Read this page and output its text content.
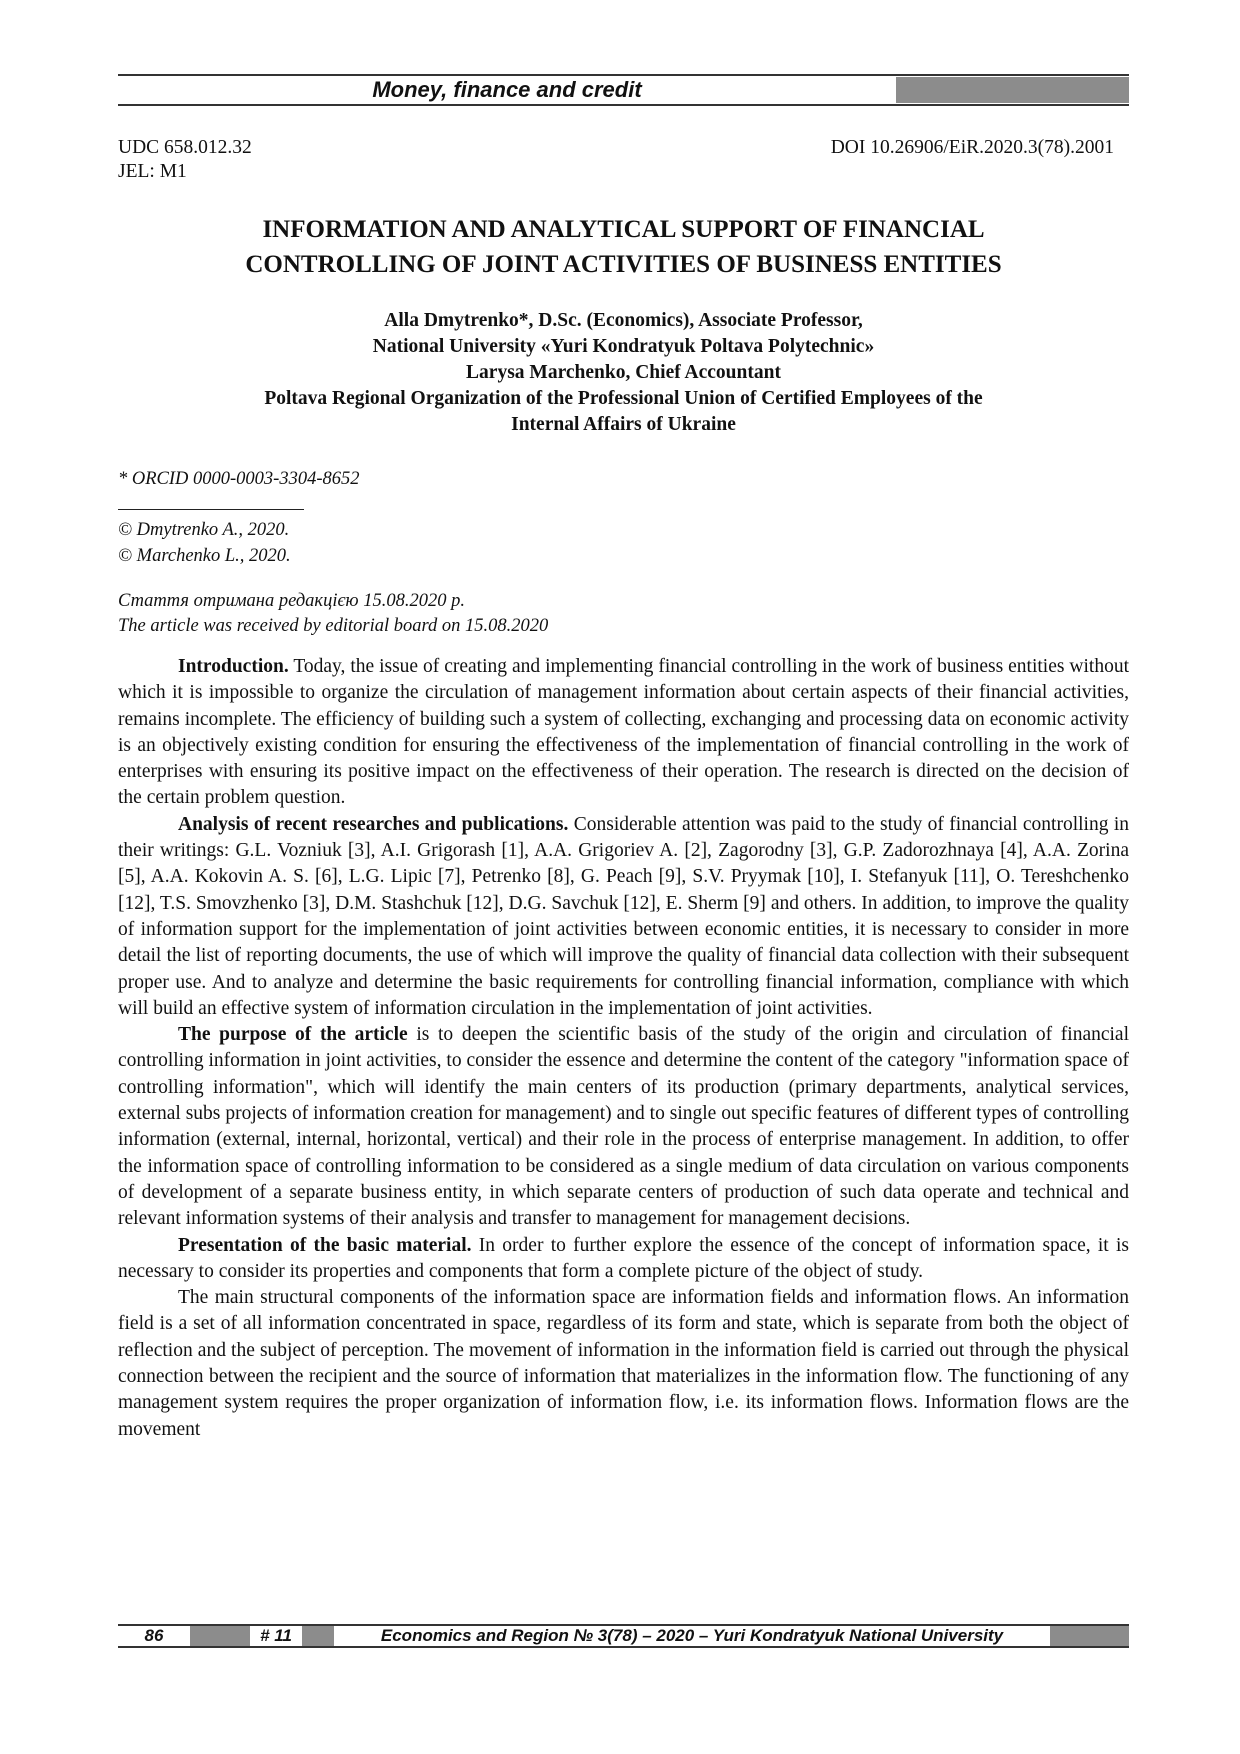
Money, finance and credit
UDC 658.012.32
JEL: M1
DOI 10.26906/EiR.2020.3(78).2001
INFORMATION AND ANALYTICAL SUPPORT OF FINANCIAL
CONTROLLING OF JOINT ACTIVITIES OF BUSINESS ENTITIES
Alla Dmytrenko*, D.Sc. (Economics), Associate Professor,
National University «Yuri Kondratyuk Poltava Polytechnic»
Larysa Marchenko, Chief Accountant
Poltava Regional Organization of the Professional Union of Certified Employees of the
Internal Affairs of Ukraine
* ORCID 0000-0003-3304-8652
© Dmytrenko A., 2020.
© Marchenko L., 2020.
Стаття отримана редакцією 15.08.2020 р.
The article was received by editorial board on 15.08.2020

Introduction. Today, the issue of creating and implementing financial controlling in the work of business entities without which it is impossible to organize the circulation of management information about certain aspects of their financial activities, remains incomplete. The efficiency of building such a system of collecting, exchanging and processing data on economic activity is an objectively existing condition for ensuring the effectiveness of the implementation of financial controlling in the work of enterprises with ensuring its positive impact on the effectiveness of their operation. The research is directed on the decision of the certain problem question.

Analysis of recent researches and publications. Considerable attention was paid to the study of financial controlling in their writings: G.L. Vozniuk [3], A.I. Grigorash [1], A.A. Grigoriev A. [2], Zagorodny [3], G.P. Zadorozhnaya [4], A.A. Zorina [5], A.A. Kokovin A. S. [6], L.G. Lipic [7], Petrenko [8], G. Peach [9], S.V. Pryymak [10], I. Stefanyuk [11], O. Tereshchenko [12], T.S. Smovzhenko [3], D.M. Stashchuk [12], D.G. Savchuk [12], E. Sherm [9] and others. In addition, to improve the quality of information support for the implementation of joint activities between economic entities, it is necessary to consider in more detail the list of reporting documents, the use of which will improve the quality of financial data collection with their subsequent proper use. And to analyze and determine the basic requirements for controlling financial information, compliance with which will build an effective system of information circulation in the implementation of joint activities.

The purpose of the article is to deepen the scientific basis of the study of the origin and circulation of financial controlling information in joint activities, to consider the essence and determine the content of the category "information space of controlling information", which will identify the main centers of its production (primary departments, analytical services, external subs projects of information creation for management) and to single out specific features of different types of controlling information (external, internal, horizontal, vertical) and their role in the process of enterprise management. In addition, to offer the information space of controlling information to be considered as a single medium of data circulation on various components of development of a separate business entity, in which separate centers of production of such data operate and technical and relevant information systems of their analysis and transfer to management for management decisions.

Presentation of the basic material. In order to further explore the essence of the concept of information space, it is necessary to consider its properties and components that form a complete picture of the object of study.

The main structural components of the information space are information fields and information flows. An information field is a set of all information concentrated in space, regardless of its form and state, which is separate from both the object of reflection and the subject of perception. The movement of information in the information field is carried out through the physical connection between the recipient and the source of information that materializes in the information flow. The functioning of any management system requires the proper organization of information flow, i.e. its information flows. Information flows are the movement

86	# 11	Economics and Region № 3(78) – 2020 – Yuri Kondratyuk National University
